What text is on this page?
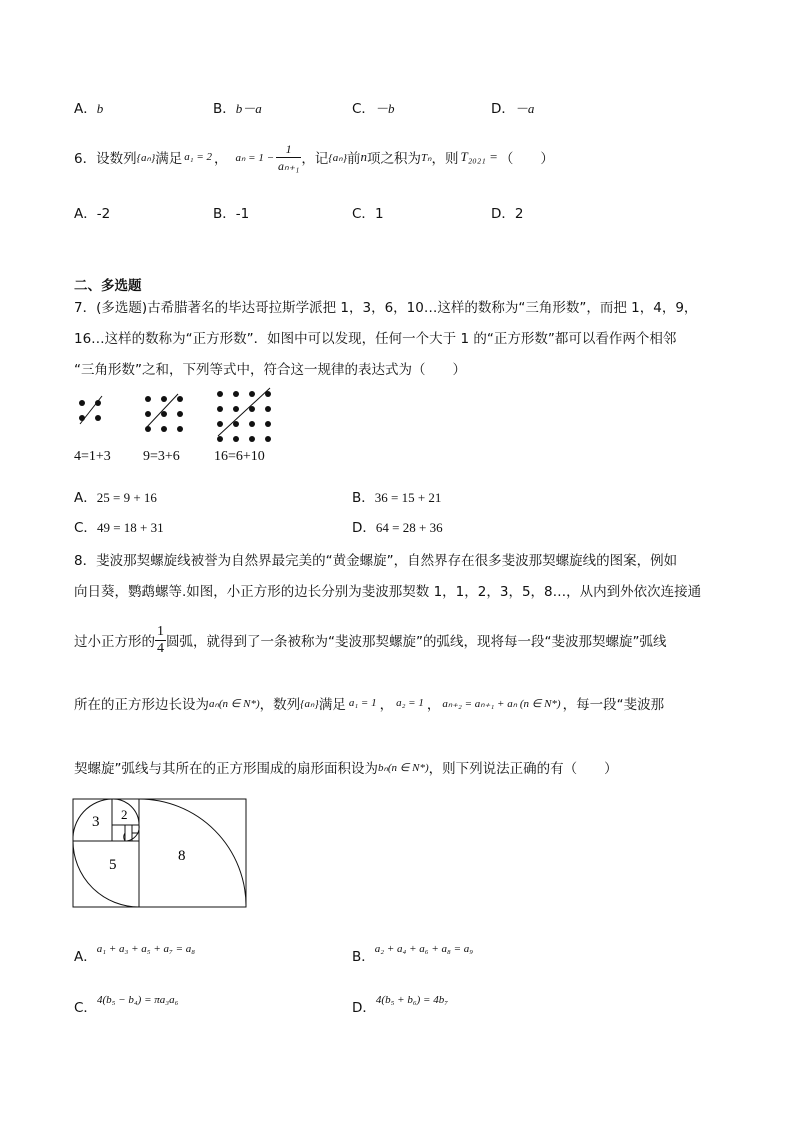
A．b	B．b－a	C．－b	D．－a
6． 设数列 {aₙ} 满足 a₁ = 2 ， $a_n = 1 - \frac{1}{\text{aₙ₊₁}}$ ，记 {aₙ} 前 n 项之积为 Tₙ ，则 T₂₀₂₁ = （　　）
A．-2	B．-1	C．1	D．2
二、多选题
7．(多选题)古希腊著名的毕达哥拉斯学派把 1，3，6，10…这样的数称为“三角形数”，而把 1，4，9，
16…这样的数称为“正方形数”．如图中可以发现，任何一个大于 1 的“正方形数”都可以看作两个相邻
“三角形数”之和，下列等式中，符合这一规律的表达式为（　　）
4=1+3 9=3+6 16=6+10
A．25 = 9 + 16	B．36 = 15 + 21
C．49 = 18 + 31	D．64 = 28 + 36
8．斐波那契螺旋线被誉为自然界最完美的“黄金螺旋”，自然界存在很多斐波那契螺旋线的图案，例如
向日葵，鹦鹉螺等.如图，小正方形的边长分别为斐波那契数 1，1，2，3，5，8…，从内到外依次连接通
过小正方形的 $\frac{1}{4}$ 圆弧，就得到了一条被称为“斐波那契螺旋”的弧线，现将每一段“斐波那契螺旋”弧线
所在的正方形边长设为 aₙ(n ∈ N*) ，数列 {aₙ} 满足 a₁ = 1 ， a₂ = 1 ， aₙ₊₂ = aₙ₊₁ + aₙ (n ∈ N*) ，每一段“斐波那
契螺旋”弧线与其所在的正方形围成的扇形面积设为 bₙ(n ∈ N*) ，则下列说法正确的有（　　）
3 2
5
8
A． a₁ + a₃ + a₅ + a₇ = a₈	B． a₂ + a₄ + a₆ + a₈ = a₉
C． 4(b₅ − b₄) = πa₃a₆	D． 4(b₅ + b₆) = 4b₇
